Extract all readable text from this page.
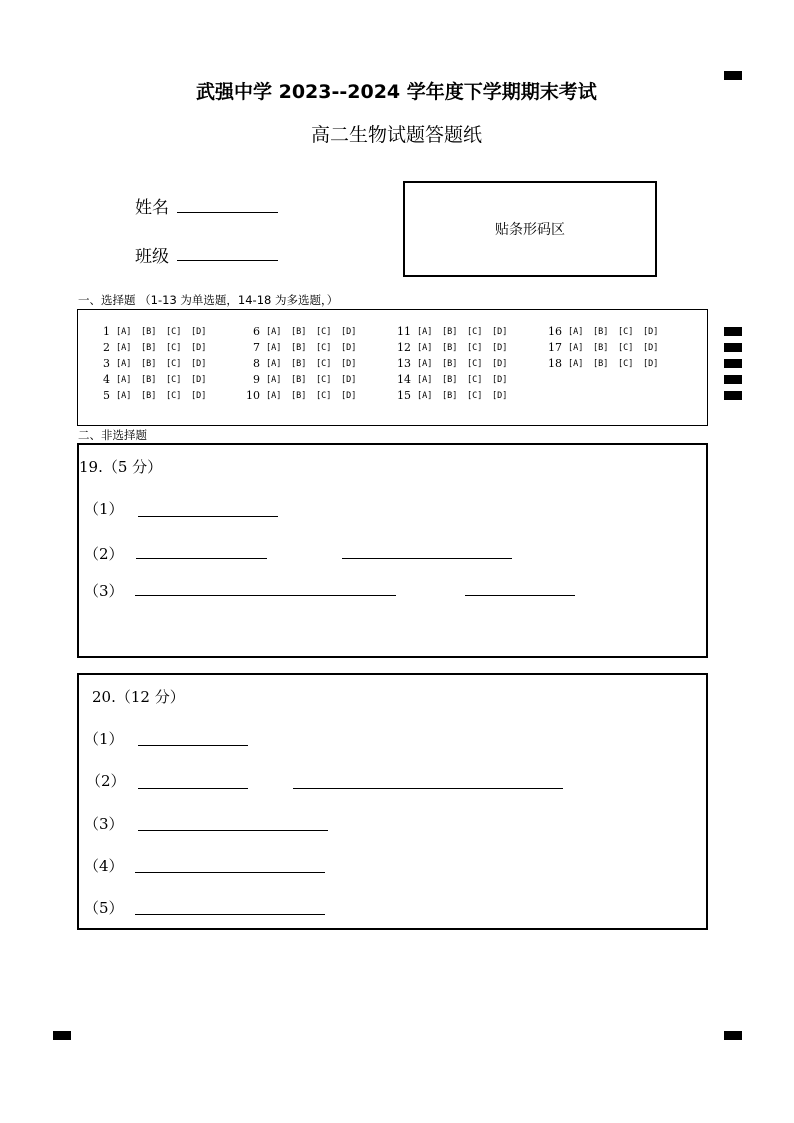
武强中学 2023--2024 学年度下学期期末考试
高二生物试题答题纸
姓名
班级
贴条形码区
一、选择题 （1-13 为单选题，14-18 为多选题，）
1 [A]	[B]	[C]	[D]
2 [A]	[B]	[C]	[D]
3 [A]	[B]	[C]	[D]
4 [A]	[B]	[C]	[D]
5 [A]	[B]	[C]	[D]
6 [A]	[B]	[C]	[D]
7 [A]	[B]	[C]	[D]
8 [A]	[B]	[C]	[D]
9 [A]	[B]	[C]	[D]
10 [A]	[B]	[C]	[D]
11 [A]	[B]	[C]	[D]
12 [A]	[B]	[C]	[D]
13 [A]	[B]	[C]	[D]
14 [A]	[B]	[C]	[D]
15 [A]	[B]	[C]	[D]
16 [A]	[B]	[C]	[D]
17 [A]	[B]	[C]	[D]
18 [A]	[B]	[C]	[D]
二、非选择题
19.（5 分）
（1）
（2）
（3）
20.（12 分）
（1）
（2）
（3）
（4）
（5）
